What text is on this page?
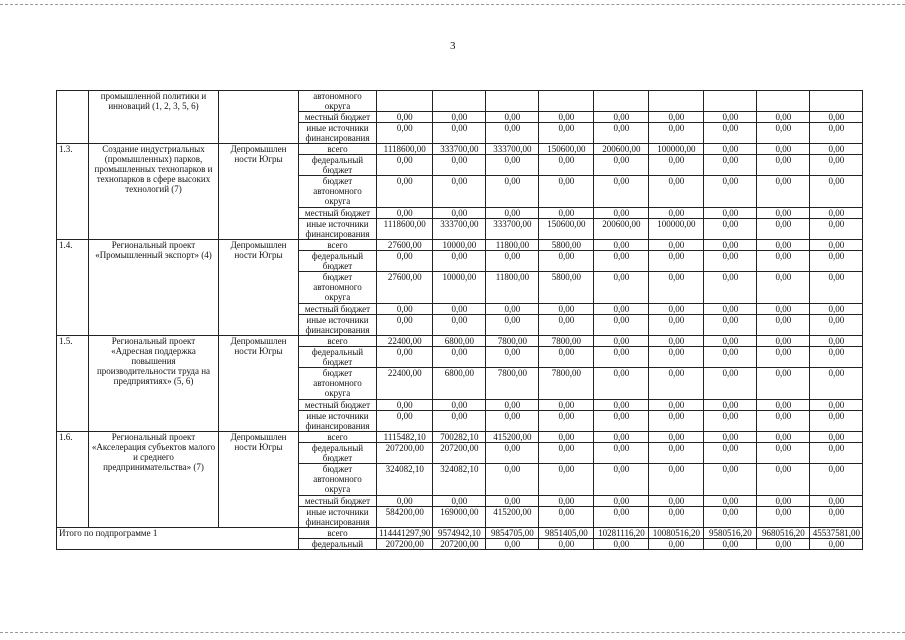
3
	промышленной политики и инноваций (1, 2, 3, 5, 6)		автономного округа									
			местный бюджет	0,00	0,00	0,00	0,00	0,00	0,00	0,00	0,00	0,00
			иные источники финансирования	0,00	0,00	0,00	0,00	0,00	0,00	0,00	0,00	0,00
1.3.	Создание индустриальных (промышленных) парков, промышленных технопарков и технопарков в сфере высоких технологий (7)	Депромышлен ности Югры	всего	1118600,00	333700,00	333700,00	150600,00	200600,00	100000,00	0,00	0,00	0,00
			федеральный бюджет	0,00	0,00	0,00	0,00	0,00	0,00	0,00	0,00	0,00
			бюджет автономного округа	0,00	0,00	0,00	0,00	0,00	0,00	0,00	0,00	0,00
			местный бюджет	0,00	0,00	0,00	0,00	0,00	0,00	0,00	0,00	0,00
			иные источники финансирования	1118600,00	333700,00	333700,00	150600,00	200600,00	100000,00	0,00	0,00	0,00
1.4.	Региональный проект «Промышленный экспорт» (4)	Депромышлен ности Югры	всего	27600,00	10000,00	11800,00	5800,00	0,00	0,00	0,00	0,00	0,00
			федеральный бюджет	0,00	0,00	0,00	0,00	0,00	0,00	0,00	0,00	0,00
			бюджет автономного округа	27600,00	10000,00	11800,00	5800,00	0,00	0,00	0,00	0,00	0,00
			местный бюджет	0,00	0,00	0,00	0,00	0,00	0,00	0,00	0,00	0,00
			иные источники финансирования	0,00	0,00	0,00	0,00	0,00	0,00	0,00	0,00	0,00
1.5.	Региональный проект «Адресная поддержка повышения производительности труда на предприятиях» (5, 6)	Депромышлен ности Югры	всего	22400,00	6800,00	7800,00	7800,00	0,00	0,00	0,00	0,00	0,00
			федеральный бюджет	0,00	0,00	0,00	0,00	0,00	0,00	0,00	0,00	0,00
			бюджет автономного округа	22400,00	6800,00	7800,00	7800,00	0,00	0,00	0,00	0,00	0,00
			местный бюджет	0,00	0,00	0,00	0,00	0,00	0,00	0,00	0,00	0,00
			иные источники финансирования	0,00	0,00	0,00	0,00	0,00	0,00	0,00	0,00	0,00
1.6.	Региональный проект «Акселерация субъектов малого и среднего предпринимательства» (7)	Депромышлен ности Югры	всего	1115482,10	700282,10	415200,00	0,00	0,00	0,00	0,00	0,00	0,00
			федеральный бюджет	207200,00	207200,00	0,00	0,00	0,00	0,00	0,00	0,00	0,00
			бюджет автономного округа	324082,10	324082,10	0,00	0,00	0,00	0,00	0,00	0,00	0,00
			местный бюджет	0,00	0,00	0,00	0,00	0,00	0,00	0,00	0,00	0,00
			иные источники финансирования	584200,00	169000,00	415200,00	0,00	0,00	0,00	0,00	0,00	0,00
Итого по подпрограмме 1			всего	114441297,90	9574942,10	9854705,00	9851405,00	10281116,20	10080516,20	9580516,20	9680516,20	45537581,00
			федеральный	207200,00	207200,00	0,00	0,00	0,00	0,00	0,00	0,00	0,00
